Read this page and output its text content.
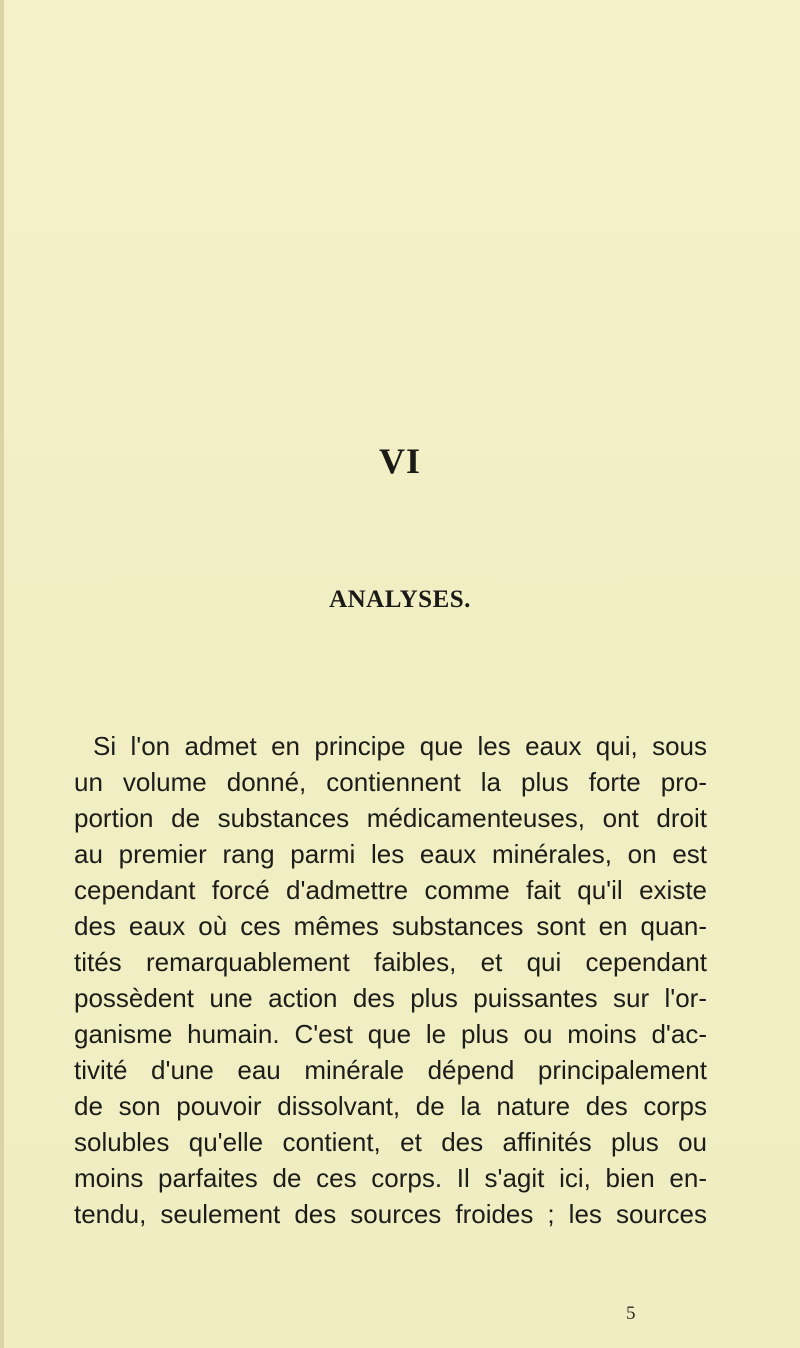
VI
ANALYSES.
Si l'on admet en principe que les eaux qui, sous
un volume donné, contiennent la plus forte pro-
portion de substances médicamenteuses, ont droit
au premier rang parmi les eaux minérales, on est
cependant forcé d'admettre comme fait qu'il existe
des eaux où ces mêmes substances sont en quan-
tités remarquablement faibles, et qui cependant
possèdent une action des plus puissantes sur l'or-
ganisme humain. C'est que le plus ou moins d'ac-
tivité d'une eau minérale dépend principalement
de son pouvoir dissolvant, de la nature des corps
solubles qu'elle contient, et des affinités plus ou
moins parfaites de ces corps. Il s'agit ici, bien en-
tendu, seulement des sources froides ; les sources
5
